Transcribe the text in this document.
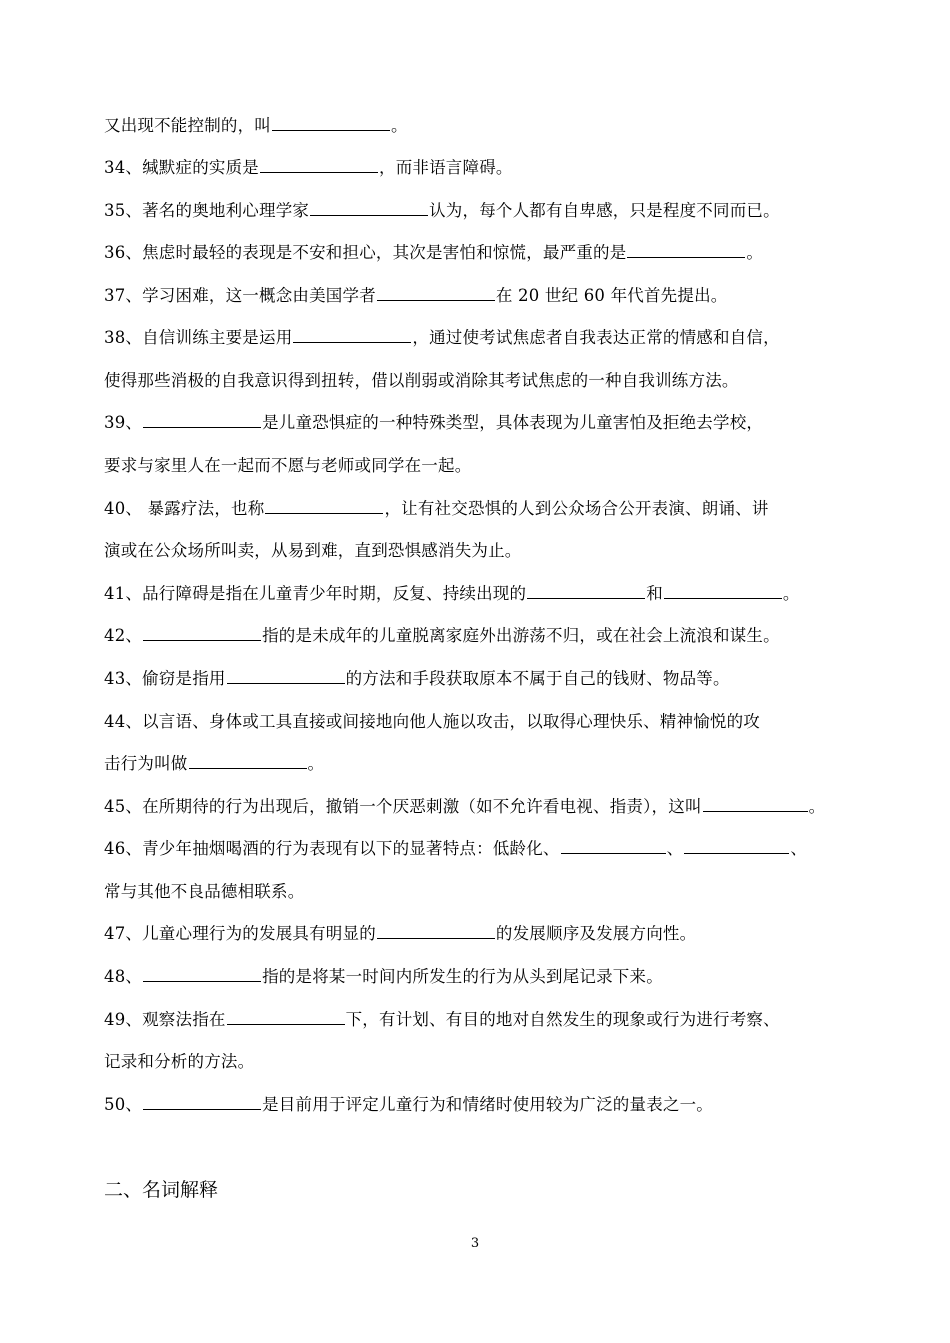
又出现不能控制的，叫	。
34、缄默症的实质是	，而非语言障碍。
35、著名的奥地利心理学家	认为，每个人都有自卑感，只是程度不同而已。
36、焦虑时最轻的表现是不安和担心，其次是害怕和惊慌，最严重的是	。
37、学习困难，这一概念由美国学者	在 20 世纪 60 年代首先提出。
38、自信训练主要是运用	，通过使考试焦虑者自我表达正常的情感和自信，
使得那些消极的自我意识得到扭转，借以削弱或消除其考试焦虑的一种自我训练方法。
39、	是儿童恐惧症的一种特殊类型，具体表现为儿童害怕及拒绝去学校，
要求与家里人在一起而不愿与老师或同学在一起。
40、 暴露疗法，也称	，让有社交恐惧的人到公众场合公开表演、朗诵、讲
演或在公众场所叫卖，从易到难，直到恐惧感消失为止。
41、品行障碍是指在儿童青少年时期，反复、持续出现的	和	。
42、	指的是未成年的儿童脱离家庭外出游荡不归，或在社会上流浪和谋生。
43、偷窃是指用	的方法和手段获取原本不属于自己的钱财、物品等。
44、以言语、身体或工具直接或间接地向他人施以攻击，以取得心理快乐、精神愉悦的攻
击行为叫做	。
45、在所期待的行为出现后，撤销一个厌恶刺激（如不允许看电视、指责），这叫	。
46、青少年抽烟喝酒的行为表现有以下的显著特点：低龄化、	、	、
常与其他不良品德相联系。
47、儿童心理行为的发展具有明显的	的发展顺序及发展方向性。
48、	指的是将某一时间内所发生的行为从头到尾记录下来。
49、观察法指在	下，有计划、有目的地对自然发生的现象或行为进行考察、
记录和分析的方法。
50、	是目前用于评定儿童行为和情绪时使用较为广泛的量表之一。
二、名词解释
3
